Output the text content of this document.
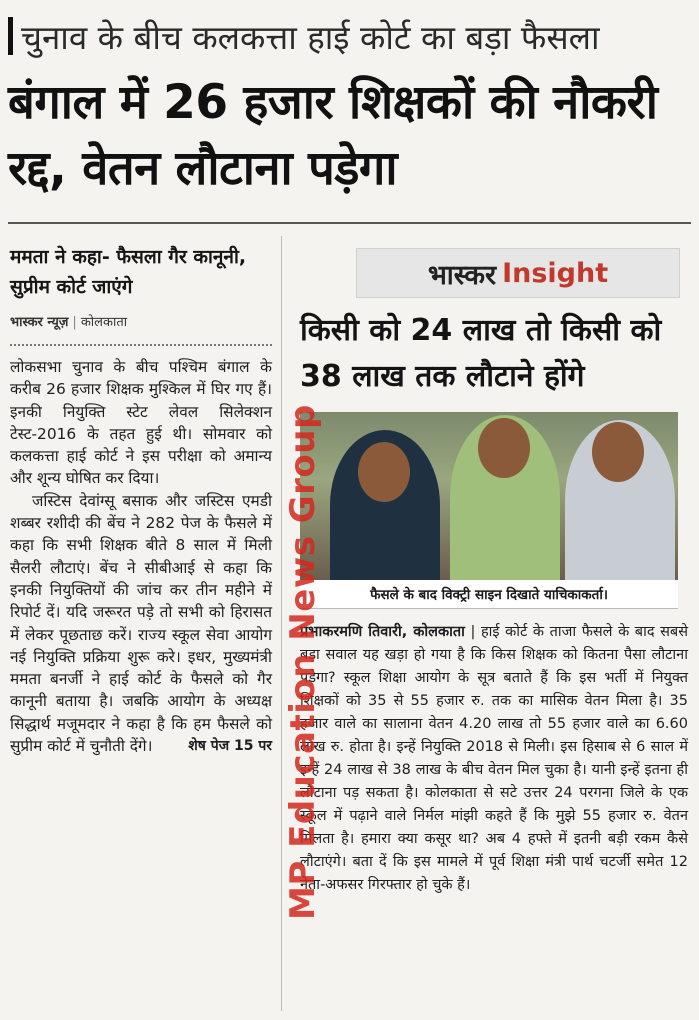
चुनाव के बीच कलकत्ता हाई कोर्ट का बड़ा फैसला
बंगाल में 26 हजार शिक्षकों की नौकरी रद्द, वेतन लौटाना पड़ेगा
ममता ने कहा- फैसला गैर कानूनी, सुप्रीम कोर्ट जाएंगे
भास्कर न्यूज़ | कोलकाता

लोकसभा चुनाव के बीच पश्चिम बंगाल के करीब 26 हजार शिक्षक मुश्किल में घिर गए हैं। इनकी नियुक्ति स्टेट लेवल सिलेक्शन टेस्ट-2016 के तहत हुई थी। सोमवार को कलकत्ता हाई कोर्ट ने इस परीक्षा को अमान्य और शून्य घोषित कर दिया।

जस्टिस देवांग्सू बसाक और जस्टिस एमडी शब्बर रशीदी की बेंच ने 282 पेज के फैसले में कहा कि सभी शिक्षक बीते 8 साल में मिली सैलरी लौटाएं। बेंच ने सीबीआई से कहा कि इनकी नियुक्तियों की जांच कर तीन महीने में रिपोर्ट दें। यदि जरूरत पड़े तो सभी को हिरासत में लेकर पूछताछ करें। राज्य स्कूल सेवा आयोग नई नियुक्ति प्रक्रिया शुरू करे। इधर, मुख्यमंत्री ममता बनर्जी ने हाई कोर्ट के फैसले को गैर कानूनी बताया है। जबकि आयोग के अध्यक्ष सिद्धार्थ मजूमदार ने कहा है कि हम फैसले को सुप्रीम कोर्ट में चुनौती देंगे।	शेष पेज 15 पर

भास्कर Insight
किसी को 24 लाख तो किसी को 38 लाख तक लौटाने होंगे
फैसले के बाद विक्ट्री साइन दिखाते याचिकाकर्ता।
प्रभाकरमणि तिवारी, कोलकाता | हाई कोर्ट के ताजा फैसले के बाद सबसे बड़ा सवाल यह खड़ा हो गया है कि किस शिक्षक को कितना पैसा लौटाना पड़ेगा? स्कूल शिक्षा आयोग के सूत्र बताते हैं कि इस भर्ती में नियुक्त शिक्षकों को 35 से 55 हजार रु. तक का मासिक वेतन मिला है। 35 हजार वाले का सालाना वेतन 4.20 लाख तो 55 हजार वाले का 6.60 लाख रु. होता है। इन्हें नियुक्ति 2018 से मिली। इस हिसाब से 6 साल में इन्हें 24 लाख से 38 लाख के बीच वेतन मिल चुका है। यानी इन्हें इतना ही लौटाना पड़ सकता है। कोलकाता से सटे उत्तर 24 परगना जिले के एक स्कूल में पढ़ाने वाले निर्मल मांझी कहते हैं कि मुझे 55 हजार रु. वेतन मिलता है। हमारा क्या कसूर था? अब 4 हफ्ते में इतनी बड़ी रकम कैसे लौटाएंगे। बता दें कि इस मामले में पूर्व शिक्षा मंत्री पार्थ चटर्जी समेत 12 नेता-अफसर गिरफ्तार हो चुके हैं।
MP Education News Group
